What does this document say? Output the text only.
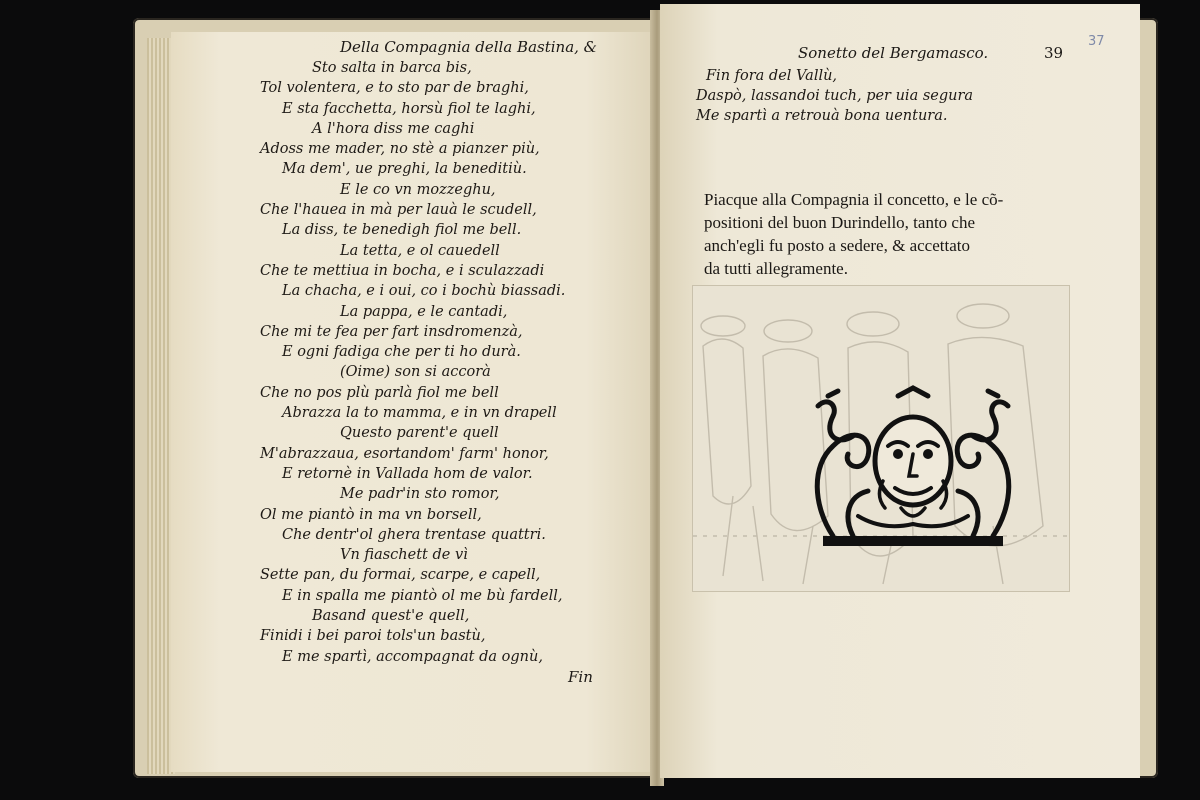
Della Compagnia della Bastina, &
Sto salta in barca bis,
Tol volentera, e to sto par de braghi,
E sta facchetta, horsù fiol te laghi,
A l'hora diss me caghi
Adoss me mader, no stè a pianzer più,
Ma dem', ue preghi, la beneditiù.
E le co vn mozzeghu,
Che l'hauea in mà per lauà le scudell,
La diss, te benedigh fiol me bell.
La tetta, e ol cauedell
Che te mettiua in bocha, e i sculazzadi
La chacha, e i oui, co i bochù biassadi.
La pappa, e le cantadi,
Che mi te fea per fart insdromenzà,
E ogni fadiga che per ti ho durà.
(Oime) son si accorà
Che no pos plù parlà fiol me bell
Abrazza la to mamma, e in vn drapell
Questo parent'e quell
M'abrazzaua, esortandom' farm' honor,
E retornè in Vallada hom de valor.
Me padr'in sto romor,
Ol me piantò in ma vn borsell,
Che dentr'ol ghera trentase quattri.
Vn fiaschett de vì
Sette pan, du formai, scarpe, e capell,
E in spalla me piantò ol me bù fardell,
Basand quest'e quell,
Finidi i bei paroi tols'un bastù,
E me spartì, accompagnat da ognù,
Fin
Sonetto del Bergamasco.	39
37
Fin fora del Vallù,
Daspò, lassandoi tuch, per uia segura
Me spartì a retrouà bona uentura.

Piacque alla Compagnia il concetto, e le cõ-
positioni del buon Durindello, tanto che
anch'egli fu posto a sedere, & accettato
da tutti allegramente.
